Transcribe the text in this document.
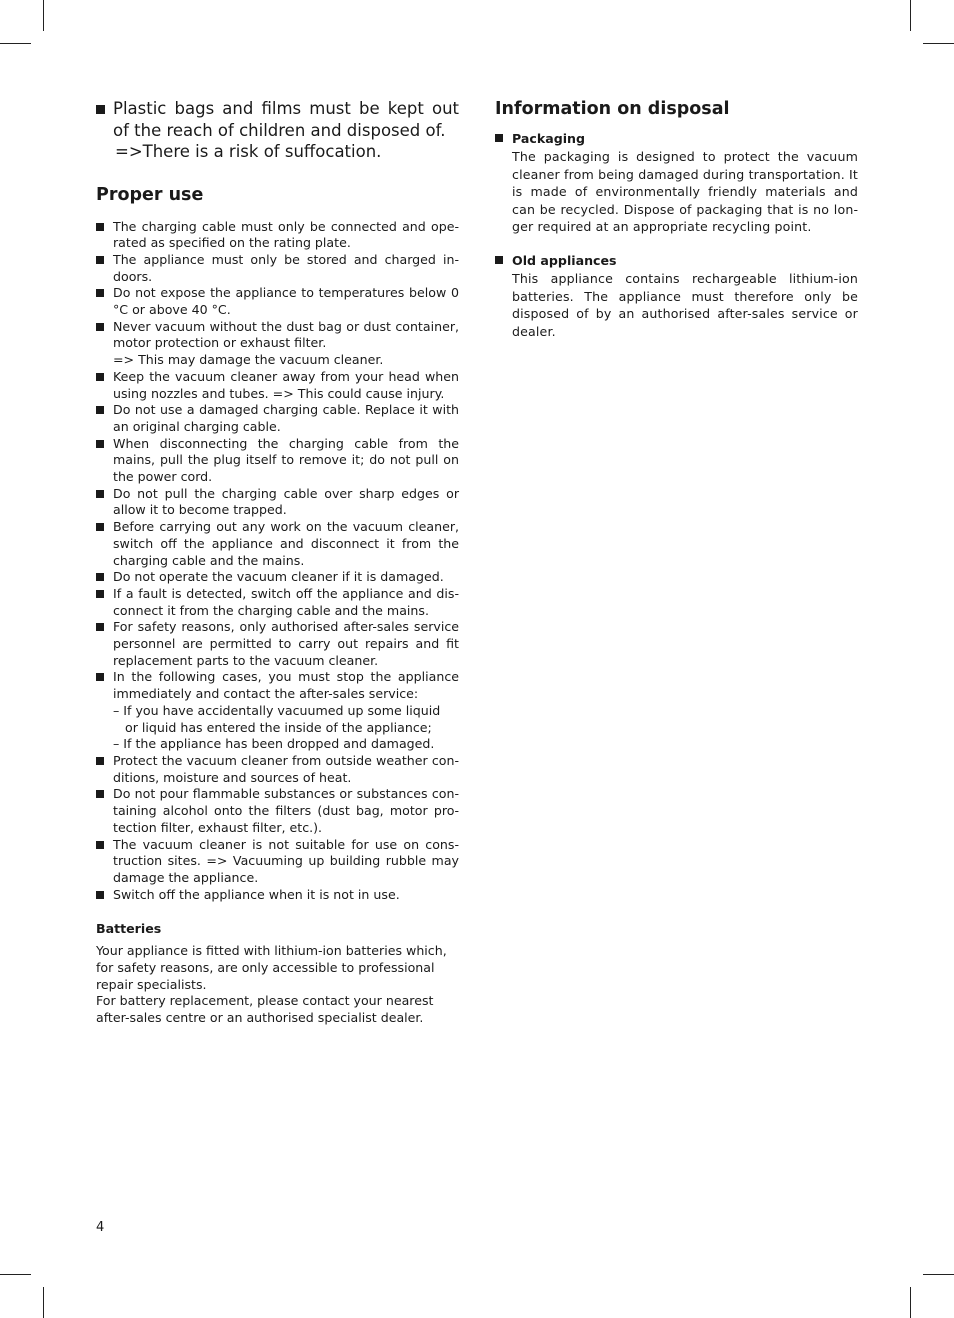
Plastic bags and films must be kept out of the reach of children and disposed of.
=>There is a risk of suffocation.
Proper use
The charging cable must only be connected and operated as specified on the rating plate.
The appliance must only be stored and charged indoors.
Do not expose the appliance to temperatures below 0 °C or above 40 °C.
Never vacuum without the dust bag or dust container, motor protection or exhaust filter.
=> This may damage the vacuum cleaner.
Keep the vacuum cleaner away from your head when using nozzles and tubes. => This could cause injury.
Do not use a damaged charging cable. Replace it with an original charging cable.
When disconnecting the charging cable from the mains, pull the plug itself to remove it; do not pull on the power cord.
Do not pull the charging cable over sharp edges or allow it to become trapped.
Before carrying out any work on the vacuum cleaner, switch off the appliance and disconnect it from the charging cable and the mains.
Do not operate the vacuum cleaner if it is damaged.
If a fault is detected, switch off the appliance and disconnect it from the charging cable and the mains.
For safety reasons, only authorised after-sales service personnel are permitted to carry out repairs and fit replacement parts to the vacuum cleaner.
In the following cases, you must stop the appliance immediately and contact the after-sales service:
– If you have accidentally vacuumed up some liquid
or liquid has entered the inside of the appliance;
– If the appliance has been dropped and damaged.
Protect the vacuum cleaner from outside weather conditions, moisture and sources of heat.
Do not pour flammable substances or substances containing alcohol onto the filters (dust bag, motor protection filter, exhaust filter, etc.).
The vacuum cleaner is not suitable for use on construction sites. => Vacuuming up building rubble may damage the appliance.
Switch off the appliance when it is not in use.
Batteries

Your appliance is fitted with lithium-ion batteries which, for safety reasons, are only accessible to professional repair specialists.

For battery replacement, please contact your nearest after-sales centre or an authorised specialist dealer.

Information on disposal
Packaging

The packaging is designed to protect the vacuum cleaner from being damaged during transportation. It is made of environmentally friendly materials and can be recycled. Dispose of packaging that is no longer required at an appropriate recycling point.

Old appliances

This appliance contains rechargeable lithium-ion batteries. The appliance must therefore only be disposed of by an authorised after-sales service or dealer.

4
